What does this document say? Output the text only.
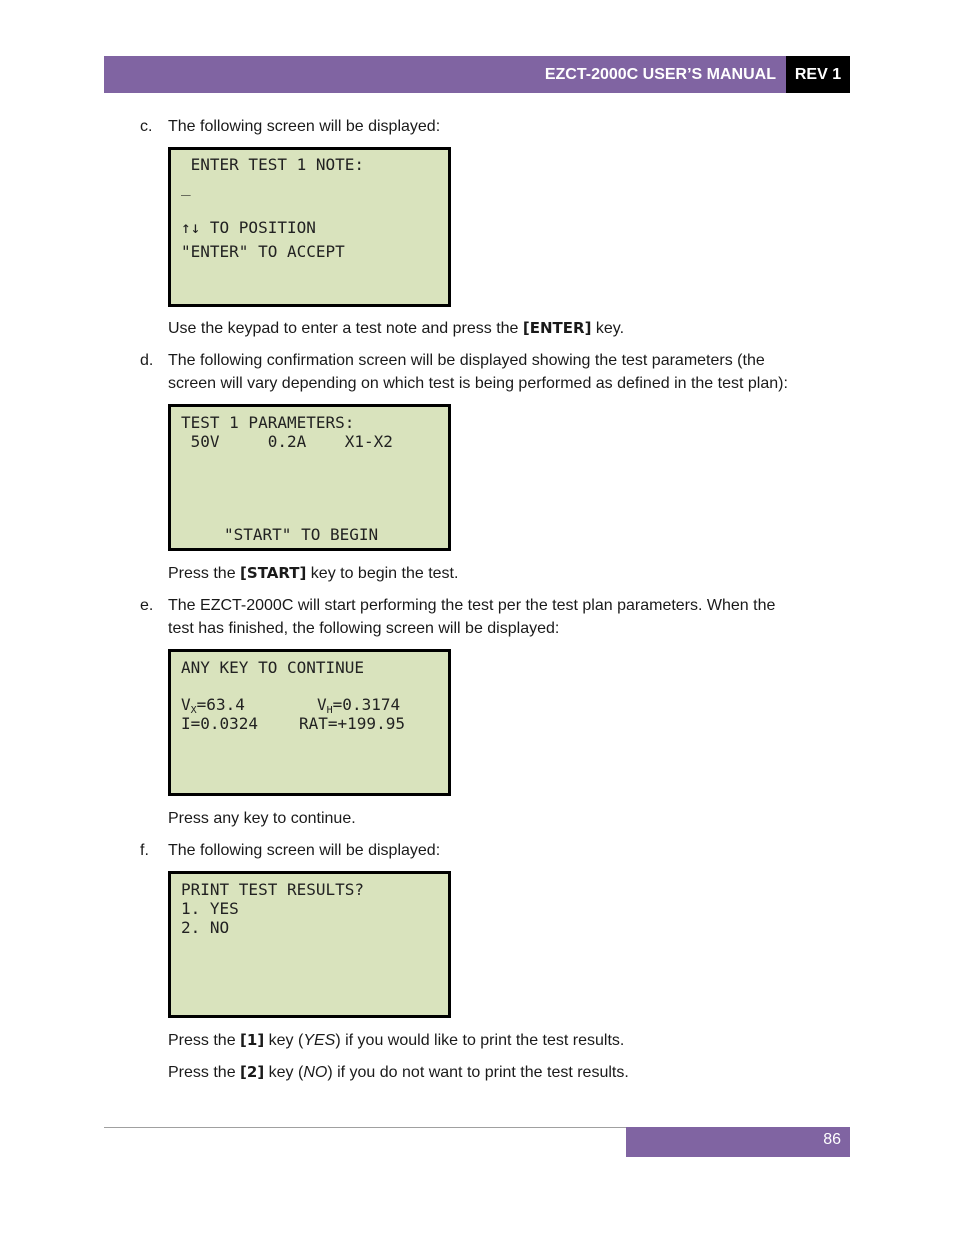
EZCT-2000C USER’S MANUAL	REV 1
c. The following screen will be displayed:
ENTER TEST 1 NOTE:
_
↑↓ TO POSITION
"ENTER" TO ACCEPT
Use the keypad to enter a test note and press the [ENTER] key.
d. The following confirmation screen will be displayed showing the test parameters (the
screen will vary depending on which test is being performed as defined in the test plan):
TEST 1 PARAMETERS:
50V     0.2A    X1-X2
"START" TO BEGIN
Press the [START] key to begin the test.
e. The EZCT-2000C will start performing the test per the test plan parameters. When the
test has finished, the following screen will be displayed:
ANY KEY TO CONTINUE
$V_X=63.4$	$V_H=0.3174$
I=0.0324	RAT=+199.95
Press any key to continue.
f. The following screen will be displayed:
PRINT TEST RESULTS?
1. YES
2. NO
Press the [1] key (YES) if you would like to print the test results.
Press the [2] key (NO) if you do not want to print the test results.
86
